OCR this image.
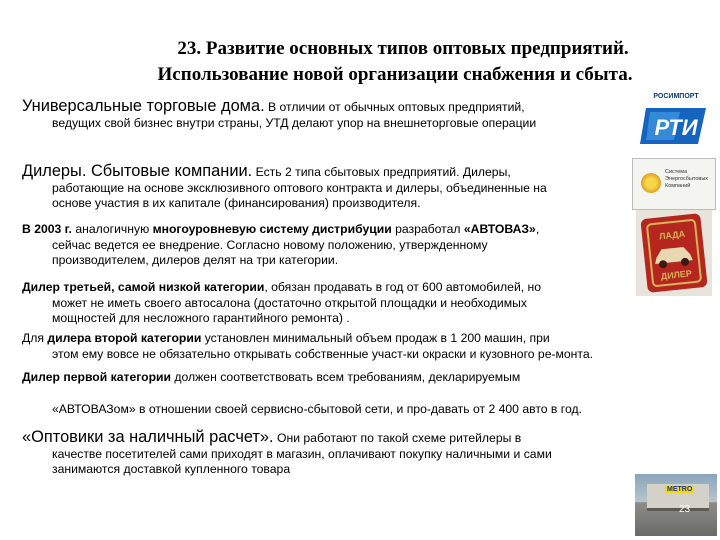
23. Развитие основных типов оптовых предприятий.
Использование новой организации снабжения и сбыта.
Универсальные торговые дома. В отличии от обычных оптовых предприятий,
ведущих свой бизнес внутри страны, УТД делают упор на внешнеторговые операции
Дилеры. Сбытовые компании. Есть 2 типа сбытовых предприятий. Дилеры,
работающие на основе эксклюзивного оптового контракта и дилеры, объединенные на
основе участия в их капитале (финансирования) производителя.
В 2003 г. аналогичную многоуровневую систему дистрибуции разработал «АВТОВАЗ»,
сейчас ведется ее внедрение. Согласно новому положению, утвержденному
производителем, дилеров делят на три категории.
Дилер третьей, самой низкой категории, обязан продавать в год от 600 автомобилей, но
может не иметь своего автосалона (достаточно открытой площадки и необходимых
мощностей для несложного гарантийного ремонта) .
Для дилера второй категории установлен минимальный объем продаж в 1 200 машин, при
этом ему вовсе не обязательно открывать собственные участ-ки окраски и кузовного ре-монта.
Дилер первой категории должен соответствовать всем требованиям, декларируемым
«АВТОВАЗом» в отношении своей сервисно-сбытовой сети, и про-давать от 2 400 авто в год.
«Оптовики за наличный расчет». Они работают по такой схеме ритейлеры в
качестве посетителей сами приходят в магазин, оплачивают покупку наличными и сами
занимаются доставкой купленного товара
РОСИМПОРТ
РТИ
Система Энергосбытовых Компаний
ЛАДА
ДИЛЕР
METRO
23
